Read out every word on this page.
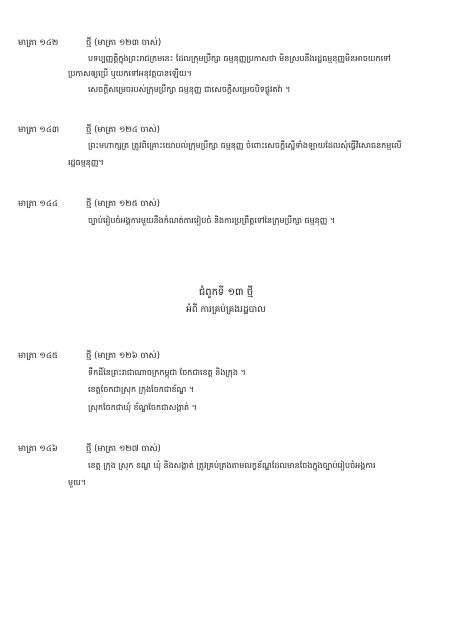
មាត្រា ១៤២	ថ្មី (មាត្រា ១២៣ ចាស់)
បទប្បញ្ញត្តិក្នុងព្រះរាជក្រមនេះ ដែលក្រុមប្រឹក្សា ធម្មនុញ្ញប្រកាសថា មិនស្របនឹងរដ្ឋធម្មនុញ្ញមិនអាចយកទៅ
ប្រកាសឲ្យប្រើ ឬយកទៅអនុវត្តបានឡើយ។
សេចក្តីសម្រេចរបស់ក្រុមប្រឹក្សា ធម្មនុញ្ញ ជាសេចក្តីសម្រេចបិទផ្លូវតវ៉ា ។
មាត្រា ១៤៣	ថ្មី (មាត្រា ១២៤ ចាស់)
ព្រះមហាក្សត្រ ត្រូវពិគ្រោះយោបល់ក្រុមប្រឹក្សា ធម្មនុញ្ញ ចំពោះសេចក្តីស្នើទាំងឡាយដែលសុំធ្វើវិសោធនកម្មលើ
រដ្ឋធម្មនុញ្ញ។
មាត្រា ១៤៤	ថ្មី (មាត្រា ១២៥ ចាស់)
ច្បាប់រៀបចំអង្គការមួយនឹងកំណត់ការរៀបចំ និងការប្រព្រឹត្តទៅនៃក្រុមប្រឹក្សា ធម្មនុញ្ញ ។
ជំពូកទី ១៣ ថ្មី
អំពី ការគ្រប់គ្រងរដ្ឋបាល
មាត្រា ១៤៥	ថ្មី (មាត្រា ១២៦ ចាស់)
ទឹកដីនៃព្រះរាជាណាចក្រកម្ពុជា ចែកជាខេត្ត និងក្រុង ។
ខេត្តចែកជាស្រុក ក្រុងចែកជាខ័ណ្ឌ ។
ស្រុកចែកជាឃុំ ខ័ណ្ឌចែកជាសង្កាត់ ។
មាត្រា ១៤៦	ថ្មី (មាត្រា ១២៧ ចាស់)
ខេត្ត ក្រុង ស្រុក ខណ្ឌ ឃុំ និងសង្កាត់ ត្រូវគ្រប់គ្រងតាមលក្ខខ័ណ្ឌដែលមានចែងក្នុងច្បាប់រៀបចំអង្គការ
មួយ។
